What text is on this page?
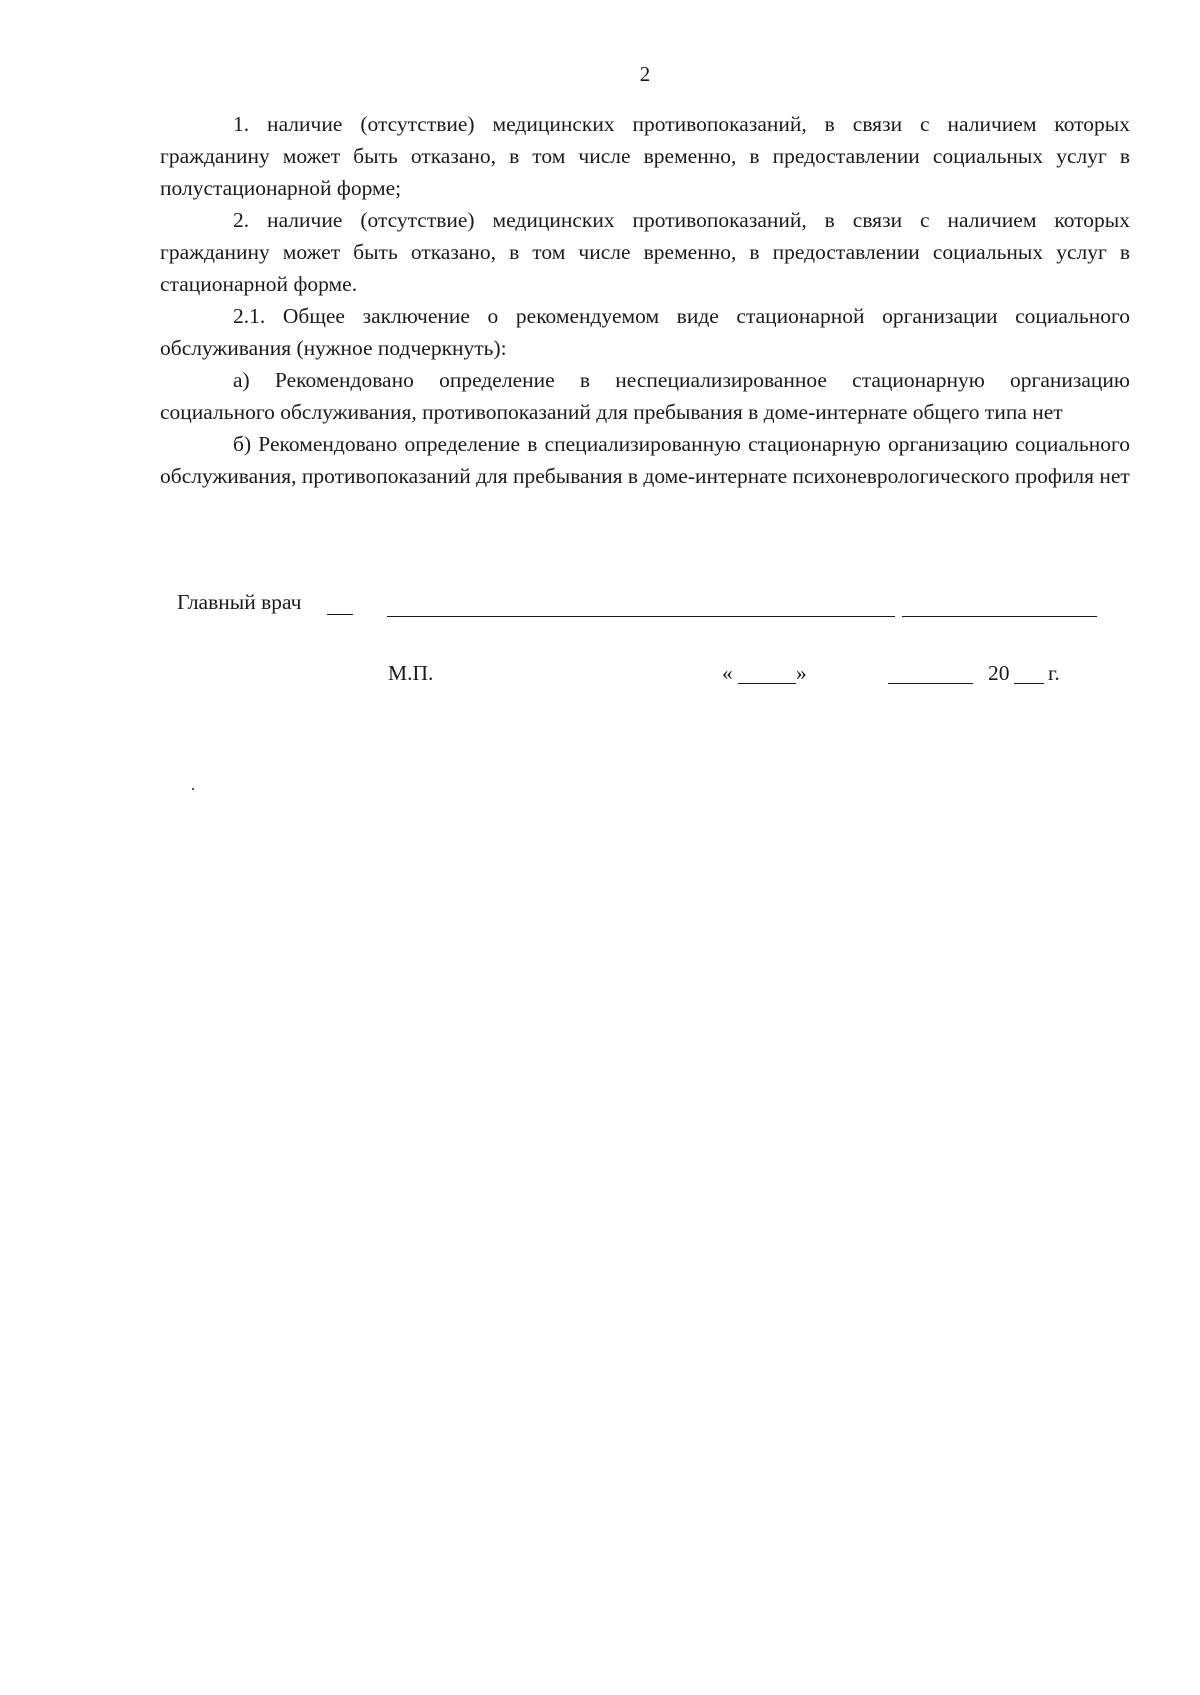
2

1. наличие (отсутствие) медицинских противопоказаний, в связи с наличием которых гражданину может быть отказано, в том числе временно, в предоставлении социальных услуг в полустационарной форме;

2. наличие (отсутствие) медицинских противопоказаний, в связи с наличием которых гражданину может быть отказано, в том числе временно, в предоставлении социальных услуг в стационарной форме.

2.1. Общее заключение о рекомендуемом виде стационарной организации социального обслуживания (нужное подчеркнуть):

а) Рекомендовано определение в неспециализированное стационарную организацию социального обслуживания, противопоказаний для пребывания в доме-интернате общего типа нет

б) Рекомендовано определение в специализированную стационарную организацию социального обслуживания, противопоказаний для пребывания в доме-интернате психоневрологического профиля нет

Главный врач
М.П.	«	»	20 г.
